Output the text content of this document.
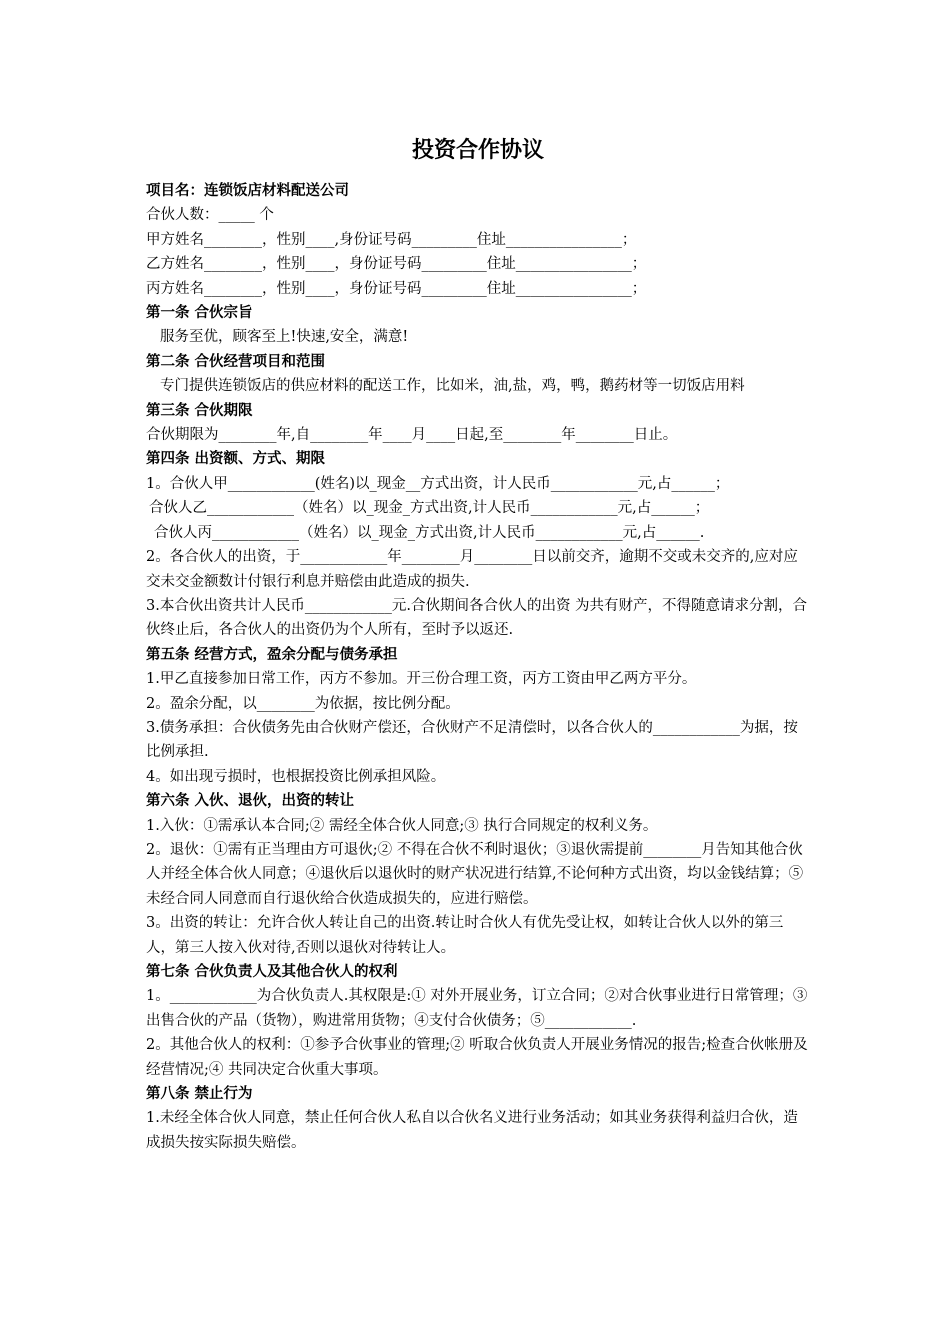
投资合作协议
项目名：连锁饭店材料配送公司
合伙人数：_____ 个
甲方姓名________，性别____,身份证号码_________住址________________；
乙方姓名________，性别____，身份证号码_________住址________________；
丙方姓名________，性别____，身份证号码_________住址________________；
第一条 合伙宗旨
服务至优，顾客至上!快速,安全，满意!
第二条 合伙经营项目和范围
专门提供连锁饭店的供应材料的配送工作，比如米，油,盐，鸡，鸭，鹅药材等一切饭店用料
第三条 合伙期限
合伙期限为________年,自________年____月____日起,至________年________日止。
第四条 出资额、方式、期限
1。合伙人甲____________(姓名)以_现金__方式出资，计人民币____________元,占______；
合伙人乙____________（姓名）以_现金_方式出资,计人民币____________元,占______；
合伙人丙____________（姓名）以_现金_方式出资,计人民币____________元,占______.
2。各合伙人的出资，于____________年________月________日以前交齐，逾期不交或未交齐的,应对应交未交金额数计付银行利息并赔偿由此造成的损失.
3.本合伙出资共计人民币____________元.合伙期间各合伙人的出资 为共有财产，不得随意请求分割，合伙终止后，各合伙人的出资仍为个人所有，至时予以返还.
第五条 经营方式，盈余分配与债务承担
1.甲乙直接参加日常工作，丙方不参加。开三份合理工资，丙方工资由甲乙两方平分。
2。盈余分配，以________为依据，按比例分配。
3.债务承担：合伙债务先由合伙财产偿还，合伙财产不足清偿时，以各合伙人的____________为据，按比例承担.
4。如出现亏损时，也根据投资比例承担风险。
第六条 入伙、退伙，出资的转让
1.入伙：①需承认本合同;② 需经全体合伙人同意;③ 执行合同规定的权利义务。
2。退伙：①需有正当理由方可退伙;② 不得在合伙不利时退伙；③退伙需提前________月告知其他合伙人并经全体合伙人同意；④退伙后以退伙时的财产状况进行结算,不论何种方式出资，均以金钱结算；⑤未经合同人同意而自行退伙给合伙造成损失的，应进行赔偿。
3。出资的转让：允许合伙人转让自己的出资.转让时合伙人有优先受让权，如转让合伙人以外的第三人，第三人按入伙对待,否则以退伙对待转让人。
第七条 合伙负责人及其他合伙人的权利
1。____________为合伙负责人.其权限是:① 对外开展业务，订立合同；②对合伙事业进行日常管理；③出售合伙的产品（货物），购进常用货物；④支付合伙债务；⑤____________.
2。其他合伙人的权利：①参予合伙事业的管理;② 听取合伙负责人开展业务情况的报告;检查合伙帐册及经营情况;④ 共同决定合伙重大事项。
第八条 禁止行为
1.未经全体合伙人同意，禁止任何合伙人私自以合伙名义进行业务活动；如其业务获得利益归合伙，造成损失按实际损失赔偿。
